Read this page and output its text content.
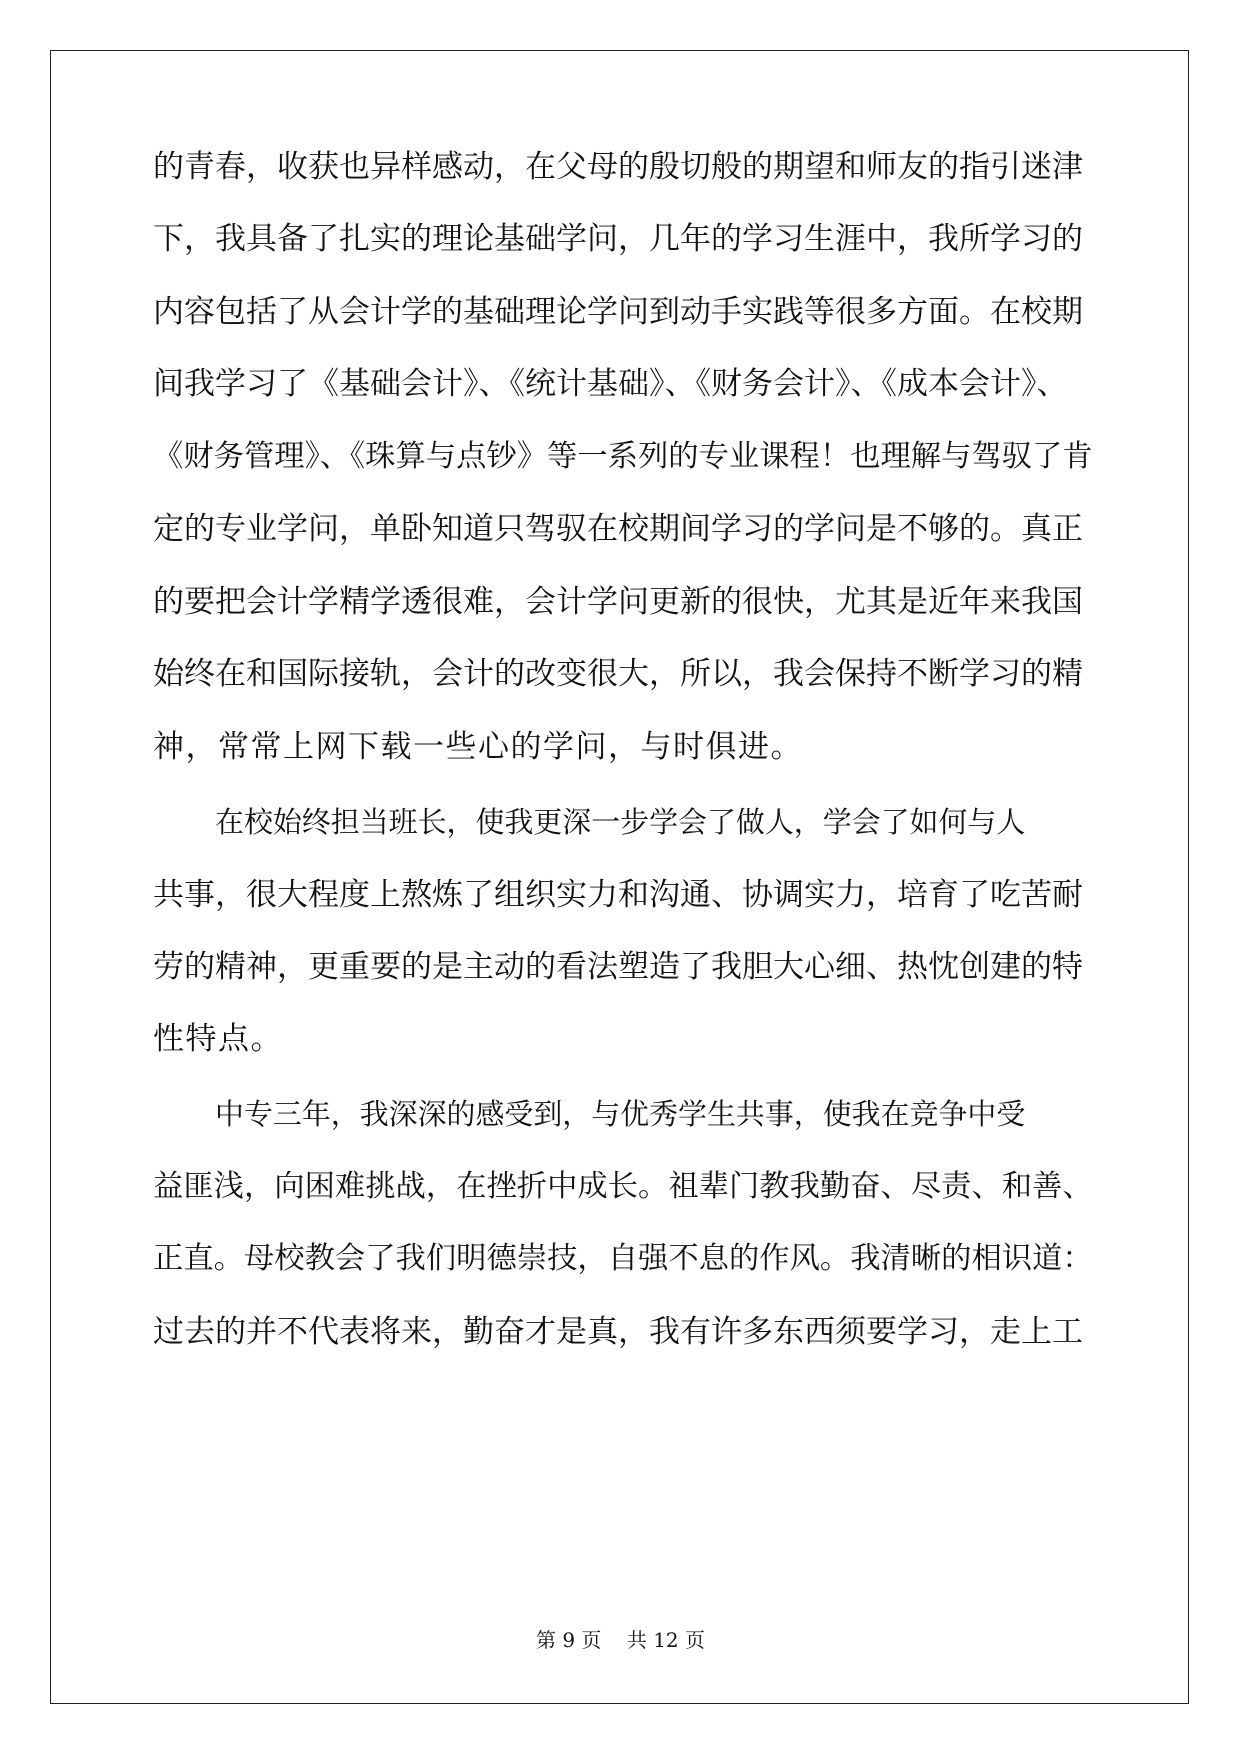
的青春，收获也异样感动，在父母的殷切般的期望和师友的指引迷津
下，我具备了扎实的理论基础学问，几年的学习生涯中，我所学习的
内容包括了从会计学的基础理论学问到动手实践等很多方面。在校期
间我学习了《基础会计》、《统计基础》、《财务会计》、《成本会计》、
《财务管理》、《珠算与点钞》等一系列的专业课程！也理解与驾驭了肯
定的专业学问，单卧知道只驾驭在校期间学习的学问是不够的。真正
的要把会计学精学透很难，会计学问更新的很快，尤其是近年来我国
始终在和国际接轨，会计的改变很大，所以，我会保持不断学习的精
神，常常上网下载一些心的学问，与时俱进。
在校始终担当班长，使我更深一步学会了做人，学会了如何与人
共事，很大程度上熬炼了组织实力和沟通、协调实力，培育了吃苦耐
劳的精神，更重要的是主动的看法塑造了我胆大心细、热忱创建的特
性特点。
中专三年，我深深的感受到，与优秀学生共事，使我在竞争中受
益匪浅，向困难挑战，在挫折中成长。祖辈门教我勤奋、尽责、和善、
正直。母校教会了我们明德崇技，自强不息的作风。我清晰的相识道：
过去的并不代表将来，勤奋才是真，我有许多东西须要学习，走上工
第 9 页    共 12 页
